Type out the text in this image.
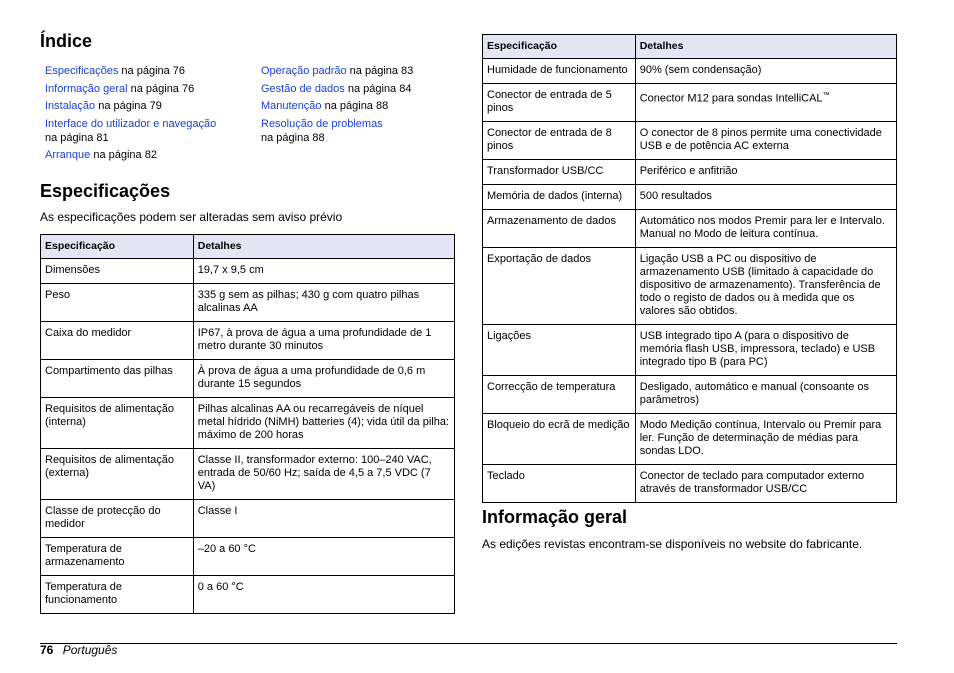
Índice
Especificações na página 76
Informação geral na página 76
Instalação na página 79
Interface do utilizador e navegação
na página 81
Arranque na página 82
Operação padrão na página 83
Gestão de dados na página 84
Manutenção na página 88
Resolução de problemas
na página 88
Especificações
As especificações podem ser alteradas sem aviso prévio
Especificação	Detalhes
Dimensões	19,7 x 9,5 cm
Peso	335 g sem as pilhas; 430 g com quatro pilhas alcalinas AA
Caixa do medidor	IP67, à prova de água a uma profundidade de 1 metro durante 30 minutos
Compartimento das pilhas	À prova de água a uma profundidade de 0,6 m durante 15 segundos
Requisitos de alimentação (interna)	Pilhas alcalinas AA ou recarregáveis de níquel metal hídrido (NiMH) batteries (4); vida útil da pilha: máximo de 200 horas
Requisitos de alimentação (externa)	Classe II, transformador externo: 100–240 VAC, entrada de 50/60 Hz; saída de 4,5 a 7,5 VDC (7 VA)
Classe de protecção do medidor	Classe I
Temperatura de armazenamento	–20 a 60 °C
Temperatura de funcionamento	0 a 60 °C
Especificação	Detalhes
Humidade de funcionamento	90% (sem condensação)
Conector de entrada de 5 pinos	Conector M12 para sondas IntelliCAL™
Conector de entrada de 8 pinos	O conector de 8 pinos permite uma conectividade USB e de potência AC externa
Transformador USB/CC	Periférico e anfitrião
Memória de dados (interna)	500 resultados
Armazenamento de dados	Automático nos modos Premir para ler e Intervalo. Manual no Modo de leitura contínua.
Exportação de dados	Ligação USB a PC ou dispositivo de armazenamento USB (limitado à capacidade do dispositivo de armazenamento). Transferência de todo o registo de dados ou à medida que os valores são obtidos.
Ligações	USB integrado tipo A (para o dispositivo de memória flash USB, impressora, teclado) e USB integrado tipo B (para PC)
Correcção de temperatura	Desligado, automático e manual (consoante os parâmetros)
Bloqueio do ecrã de medição	Modo Medição contínua, Intervalo ou Premir para ler. Função de determinação de médias para sondas LDO.
Teclado	Conector de teclado para computador externo através de transformador USB/CC
Informação geral
As edições revistas encontram-se disponíveis no website do fabricante.
76 Português
